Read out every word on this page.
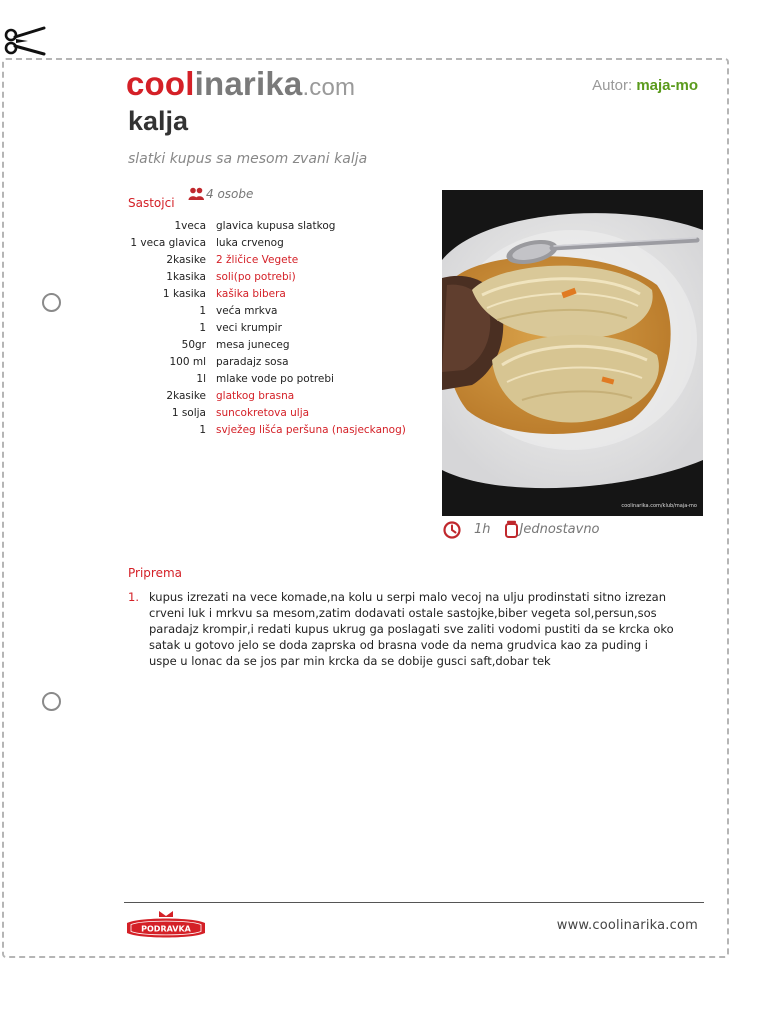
coolinarika.com	Autor: maja-mo
kalja
slatki kupus sa mesom zvani kalja
Sastojci
4 osobe
1veca	glavica kupusa slatkog
1 veca glavica	luka crvenog
2kasike	2 žličice Vegete
1kasika	soli(po potrebi)
1 kasika	kašika bibera
1	veća mrkva
1	veci krumpir
50gr	mesa juneceg
100 ml	paradajz sosa
1l	mlake vode po potrebi
2kasike	glatkog brasna
1 solja	suncokretova ulja
1	svježeg lišća peršuna (nasjeckanog)
coolinarika.com/klub/maja-mo
1h Jednostavno
Priprema
1. kupus izrezati na vece komade,na kolu u serpi malo vecoj na ulju prodinstati sitno izrezan crveni luk i mrkvu sa mesom,zatim dodavati ostale sastojke,biber vegeta sol,persun,sos paradajz krompir,i redati kupus ukrug ga poslagati sve zaliti vodomi pustiti da se krcka oko satak u gotovo jelo se doda zaprska od brasna vode da nema grudvica kao za puding i uspe u lonac da se jos par min krcka da se dobije gusci saft,dobar tek
PODRAVKA	www.coolinarika.com
